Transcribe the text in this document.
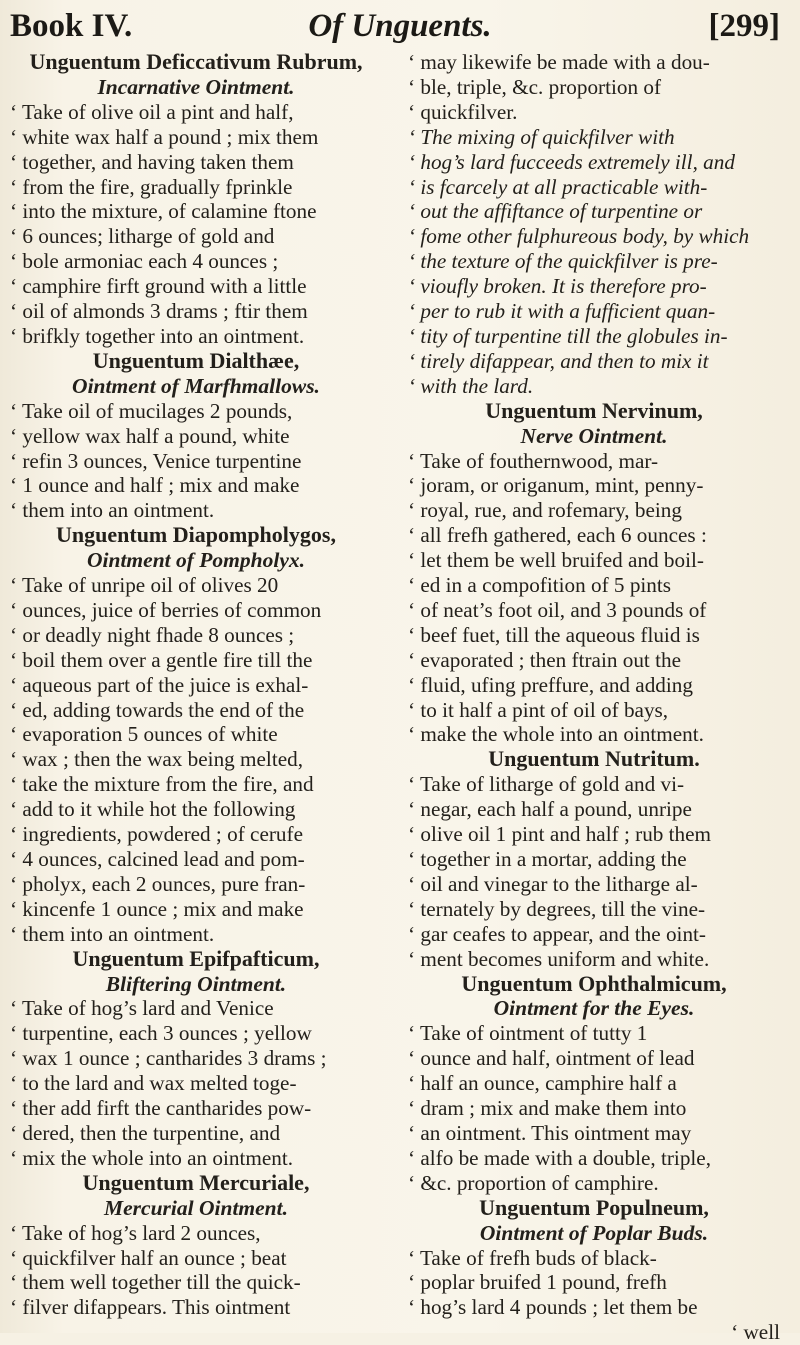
Book IV.	Of Unguents.	[299]
Unguentum Deficcativum Rubrum,
Incarnative Ointment.
‘ Take of olive oil a pint and half,
‘ white wax half a pound ; mix them
‘ together, and having taken them
‘ from the fire, gradually fprinkle
‘ into the mixture, of calamine ftone
‘ 6 ounces; litharge of gold and
‘ bole armoniac each 4 ounces ;
‘ camphire firft ground with a little
‘ oil of almonds 3 drams ; ftir them
‘ brifkly together into an ointment.
Unguentum Dialthæe,
Ointment of Marfhmallows.
‘ Take oil of mucilages 2 pounds,
‘ yellow wax half a pound, white
‘ refin 3 ounces, Venice turpentine
‘ 1 ounce and half ; mix and make
‘ them into an ointment.
Unguentum Diapompholygos,
Ointment of Pompholyx.
‘ Take of unripe oil of olives 20
‘ ounces, juice of berries of common
‘ or deadly night fhade 8 ounces ;
‘ boil them over a gentle fire till the
‘ aqueous part of the juice is exhal-
‘ ed, adding towards the end of the
‘ evaporation 5 ounces of white
‘ wax ; then the wax being melted,
‘ take the mixture from the fire, and
‘ add to it while hot the following
‘ ingredients, powdered ; of cerufe
‘ 4 ounces, calcined lead and pom-
‘ pholyx, each 2 ounces, pure fran-
‘ kincenfe 1 ounce ; mix and make
‘ them into an ointment.
Unguentum Epifpafticum,
Bliftering Ointment.
‘ Take of hog’s lard and Venice
‘ turpentine, each 3 ounces ; yellow
‘ wax 1 ounce ; cantharides 3 drams ;
‘ to the lard and wax melted toge-
‘ ther add firft the cantharides pow-
‘ dered, then the turpentine, and
‘ mix the whole into an ointment.
Unguentum Mercuriale,
Mercurial Ointment.
‘ Take of hog’s lard 2 ounces,
‘ quickfilver half an ounce ; beat
‘ them well together till the quick-
‘ filver difappears. This ointment
‘ may likewife be made with a dou-
‘ ble, triple, &c. proportion of
‘ quickfilver.
‘ The mixing of quickfilver with
‘ hog’s lard fucceeds extremely ill, and
‘ is fcarcely at all practicable with-
‘ out the affiftance of turpentine or
‘ fome other fulphureous body, by which
‘ the texture of the quickfilver is pre-
‘ vioufly broken. It is therefore pro-
‘ per to rub it with a fufficient quan-
‘ tity of turpentine till the globules in-
‘ tirely difappear, and then to mix it
‘ with the lard.
Unguentum Nervinum,
Nerve Ointment.
‘ Take of fouthernwood, mar-
‘ joram, or origanum, mint, penny-
‘ royal, rue, and rofemary, being
‘ all frefh gathered, each 6 ounces :
‘ let them be well bruifed and boil-
‘ ed in a compofition of 5 pints
‘ of neat’s foot oil, and 3 pounds of
‘ beef fuet, till the aqueous fluid is
‘ evaporated ; then ftrain out the
‘ fluid, ufing preffure, and adding
‘ to it half a pint of oil of bays,
‘ make the whole into an ointment.
Unguentum Nutritum.
‘ Take of litharge of gold and vi-
‘ negar, each half a pound, unripe
‘ olive oil 1 pint and half ; rub them
‘ together in a mortar, adding the
‘ oil and vinegar to the litharge al-
‘ ternately by degrees, till the vine-
‘ gar ceafes to appear, and the oint-
‘ ment becomes uniform and white.
Unguentum Ophthalmicum,
Ointment for the Eyes.
‘ Take of ointment of tutty 1
‘ ounce and half, ointment of lead
‘ half an ounce, camphire half a
‘ dram ; mix and make them into
‘ an ointment. This ointment may
‘ alfo be made with a double, triple,
‘ &c. proportion of camphire.
Unguentum Populneum,
Ointment of Poplar Buds.
‘ Take of frefh buds of black-
‘ poplar bruifed 1 pound, frefh
‘ hog’s lard 4 pounds ; let them be
‘ well
